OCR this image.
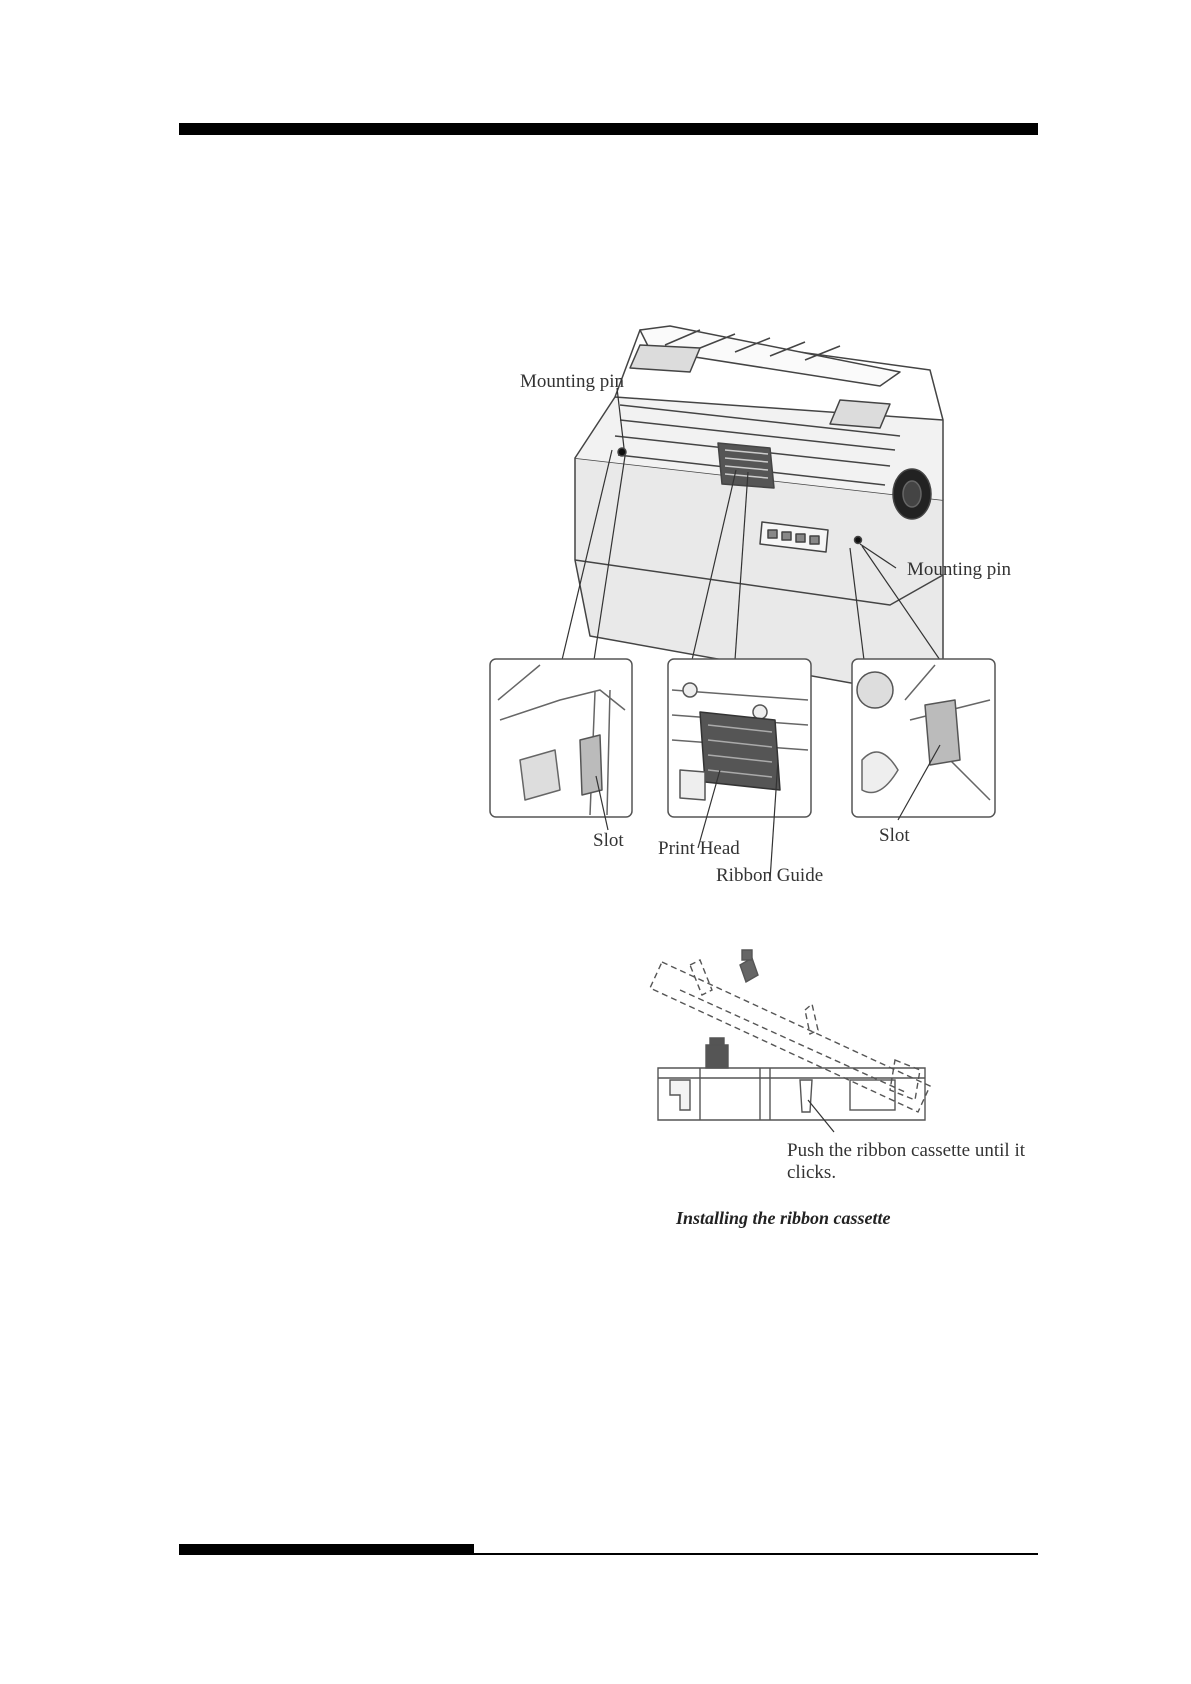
Mounting pin
Mounting pin
Slot Print Head
Ribbon Guide
Slot
Push the ribbon cassette until it clicks.
Installing the ribbon cassette
